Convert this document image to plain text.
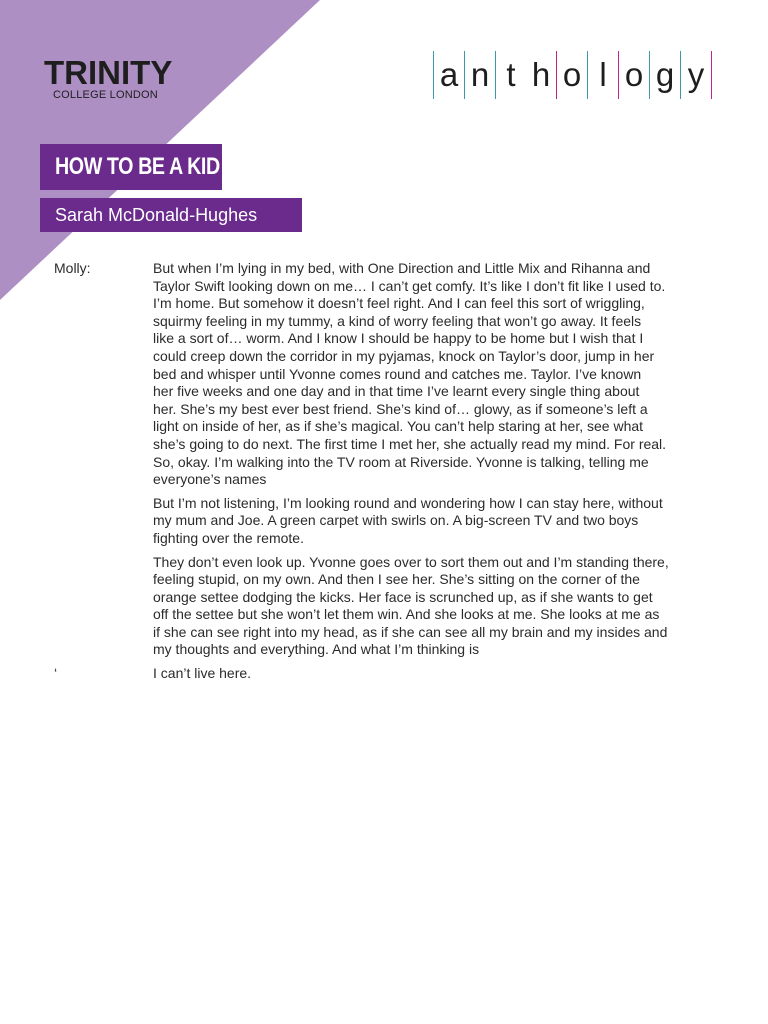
TRINITY
COLLEGE LONDON
a n t h o l o g y
HOW TO BE A KID
Sarah McDonald-Hughes
Molly:	But when I’m lying in my bed, with One Direction and Little Mix and Rihanna and
Taylor Swift looking down on me… I can’t get comfy. It’s like I don’t fit like I used to.
I’m home. But somehow it doesn’t feel right. And I can feel this sort of wriggling,
squirmy feeling in my tummy, a kind of worry feeling that won’t go away. It feels
like a sort of… worm. And I know I should be happy to be home but I wish that I
could creep down the corridor in my pyjamas, knock on Taylor’s door, jump in her
bed and whisper until Yvonne comes round and catches me. Taylor. I’ve known
her five weeks and one day and in that time I’ve learnt every single thing about
her. She’s my best ever best friend. She’s kind of… glowy, as if someone’s left a
light on inside of her, as if she’s magical. You can’t help staring at her, see what
she’s going to do next. The first time I met her, she actually read my mind. For real.
So, okay. I’m walking into the TV room at Riverside. Yvonne is talking, telling me
everyone’s names

But I’m not listening, I’m looking round and wondering how I can stay here, without
my mum and Joe. A green carpet with swirls on. A big-screen TV and two boys
fighting over the remote.

They don’t even look up. Yvonne goes over to sort them out and I’m standing there,
feeling stupid, on my own. And then I see her. She’s sitting on the corner of the
orange settee dodging the kicks. Her face is scrunched up, as if she wants to get
off the settee but she won’t let them win. And she looks at me. She looks at me as
if she can see right into my head, as if she can see all my brain and my insides and
my thoughts and everything. And what I’m thinking is

‘	I can’t live here.
